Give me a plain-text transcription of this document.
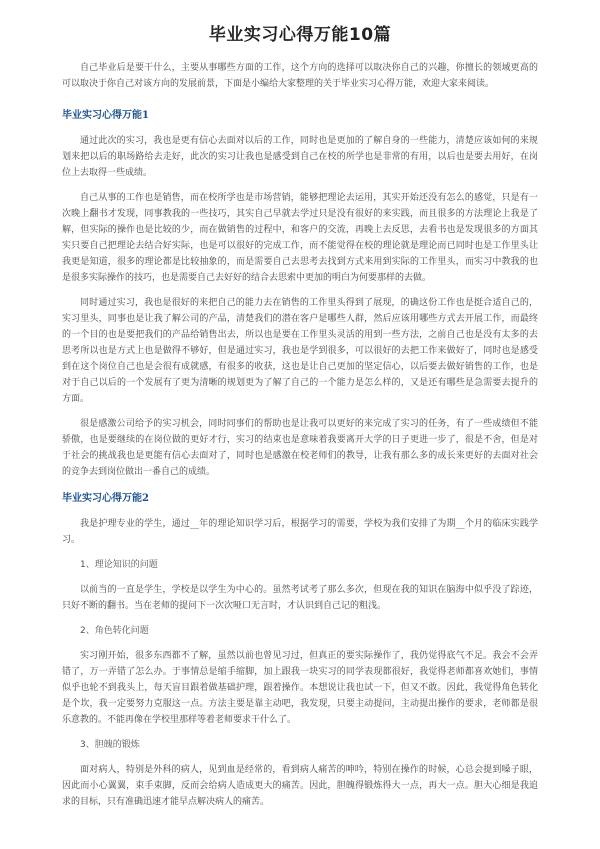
毕业实习心得万能10篇
自己毕业后是要干什么，主要从事哪些方面的工作，这个方向的选择可以取决你自己的兴趣，你擅长的领域更高的可以取决于你自己对该方向的发展前景，下面是小编给大家整理的关于毕业实习心得万能，欢迎大家来阅读。
毕业实习心得万能1
通过此次的实习，我也是更有信心去面对以后的工作，同时也是更加的了解自身的一些能力，清楚应该如何的来规划来把以后的职场路给去走好，此次的实习让我也是感受到自己在校的所学也是非常的有用，以后也是要去用好，在岗位上去取得一些成绩。
自己从事的工作也是销售，而在校所学也是市场营销，能够把理论去运用，其实开始还没有怎么的感觉，只是有一次晚上翻书才发现，同事教我的一些技巧，其实自己早就去学过只是没有很好的来实践，而且很多的方法理论上我是了解，但实际的操作也是比较的少，而在做销售的过程中，和客户的交流，再晚上去反思，去看书也是发现很多的方面其实只要自己把理论去结合好实际，也是可以很好的完成工作，而不能觉得在校的理论就是理论而已同时也是工作里头让我更是知道，很多的理论都是比较抽象的，而是需要自己去思考去找到方式来用到实际的工作里头，而实习中教我的也是很多实际操作的技巧，也是需要自己去好好的结合去思索中更加的明白为何要那样的去做。
同时通过实习，我也是很好的来把自己的能力去在销售的工作里头得到了展现，的确这份工作也是挺合适自己的，实习里头，同事也是让我了解公司的产品，清楚我们的潜在客户是哪些人群，然后应该用哪些方式去开展工作，而最终的一个目的也是要把我们的产品给销售出去，所以也是要在工作里头灵活的用到一些方法，之前自己也是没有太多的去思考所以也是方式上也是做得不够好，但是通过实习，我也是学到很多，可以很好的去把工作来做好了，同时也是感受到在这个岗位自己也是会很有成就感，有很多的收获，这也是让自己更加的坚定信心，以后要去做好销售的工作，也是对于自己以后的一个发展有了更为清晰的规划更为了解了自己的一个能力是怎么样的，又是还有哪些是急需要去提升的方面。
很是感激公司给予的实习机会，同时同事们的帮助也是让我可以更好的来完成了实习的任务，有了一些成绩但不能骄傲，也是要继续的在岗位做的更好才行，实习的结束也是意味着我要离开大学的日子更进一步了，很是不舍，但是对于社会的挑战我也是更能有信心去面对了，同时也是感激在校老师们的教导，让我有那么多的成长来更好的去面对社会的竞争去到岗位做出一番自己的成绩。
毕业实习心得万能2
我是护理专业的学生，通过__年的理论知识学习后，根据学习的需要，学校为我们安排了为期__个月的临床实践学习。
1、理论知识的问题
以前当的一直是学生，学校是以学生为中心的。虽然考试考了那么多次，但现在我的知识在脑海中似乎没了踪迹，只好不断的翻书。当在老师的提问下一次次哑口无言时，才认识到自己记的粗浅。
2、角色转化问题
实习刚开始，很多东西都不了解，虽然以前也曾见习过，但真正的要实际操作了，我仍觉得底气不足。我会不会弄错了，万一弄错了怎么办。于事情总是缩手缩脚，加上跟我一块实习的同学表现都很好，我觉得老师都喜欢她们，事情似乎也轮不到我头上，每天盲目跟着做基础护理，跟着操作。本想说让我也试一下，但又不敢。因此，我觉得角色转化是个坎，我一定要努力克服这一点。方法主要是靠主动吧，我发现，只要主动提问，主动提出操作的要求，老师都是很乐意教的。不能再像在学校里那样等着老师要求干什么了。
3、胆魄的锻炼
面对病人，特别是外科的病人，见到血是经常的，看到病人痛苦的呻吟，特别在操作的时候，心总会提到嗓子眼，因此而小心翼翼，束手束脚，反而会给病人造成更大的痛苦。因此，胆魄得锻炼得大一点，再大一点。胆大心细是我追求的目标，只有准确迅速才能早点解决病人的痛苦。
